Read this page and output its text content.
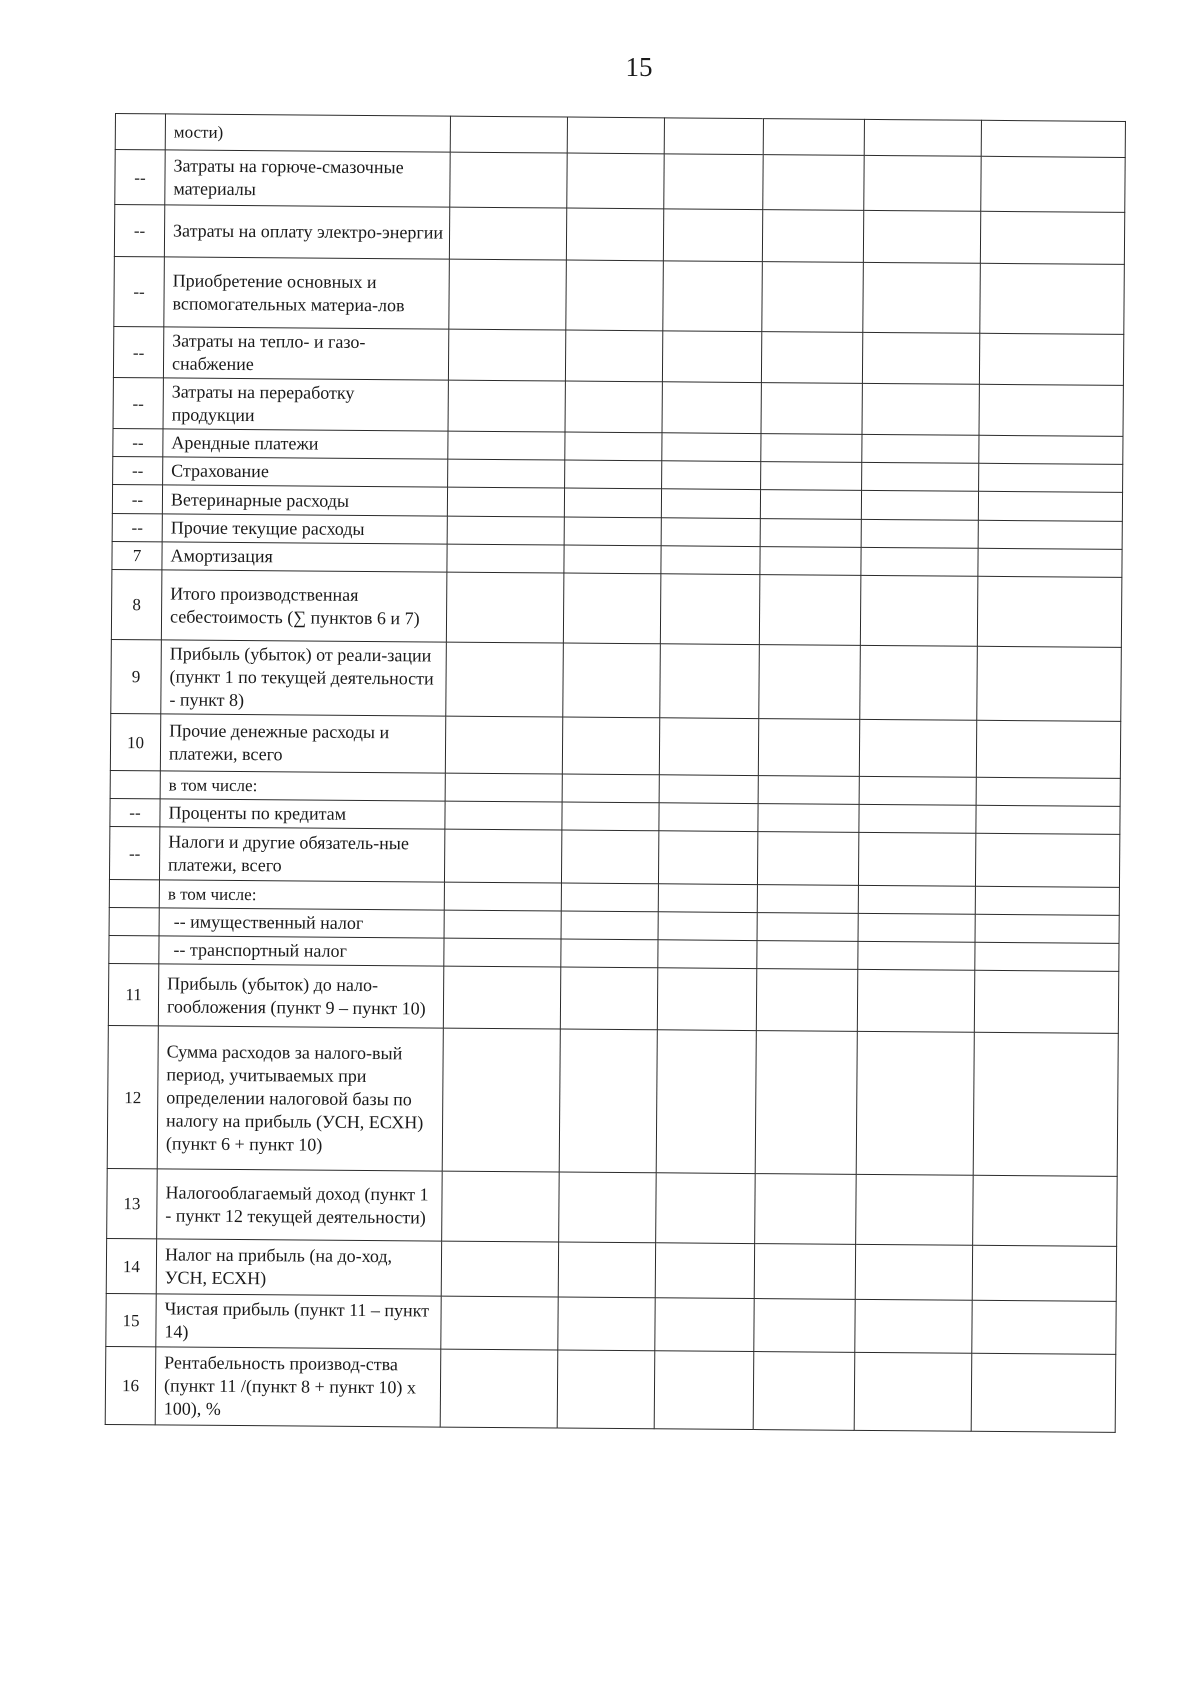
15
	мости)						
--	Затраты на горюче-смазочные материалы						
--	Затраты на оплату электро-энергии						
--	Приобретение основных и вспомогательных материа-лов						
--	Затраты на тепло- и газо-снабжение						
--	Затраты на переработку продукции						
--	Арендные платежи						
--	Страхование						
--	Ветеринарные расходы						
--	Прочие текущие расходы						
7	Амортизация						
8	Итого производственная себестоимость (∑ пунктов 6 и 7)						
9	Прибыль (убыток) от реали-зации (пункт 1 по текущей деятельности - пункт 8)						
10	Прочие денежные расходы и платежи, всего						
	в том числе:						
--	Проценты по кредитам						
--	Налоги и другие обязатель-ные платежи, всего						
	в том числе:						
	-- имущественный налог						
	-- транспортный налог						
11	Прибыль (убыток) до нало-гообложения (пункт 9 – пункт 10)						
12	Сумма расходов за налого-вый период, учитываемых при определении налоговой базы по налогу на прибыль (УСН, ЕСХН) (пункт 6 + пункт 10)						
13	Налогооблагаемый доход (пункт 1 - пункт 12 текущей деятельности)						
14	Налог на прибыль (на до-ход, УСН, ЕСХН)						
15	Чистая прибыль (пункт 11 – пункт 14)						
16	Рентабельность производ-ства (пункт 11 /(пункт 8 + пункт 10) x 100), %						
